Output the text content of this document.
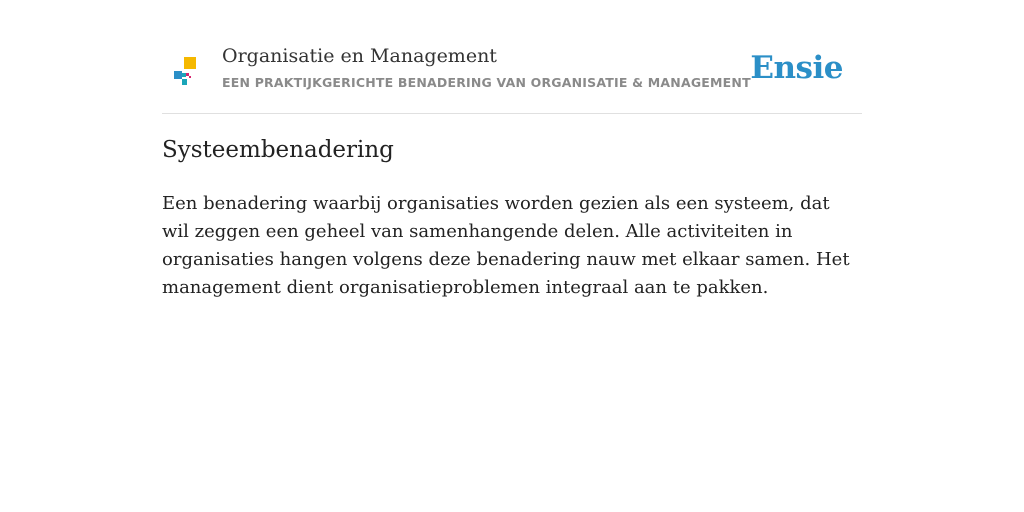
Organisatie en Management
EEN PRAKTIJKGERICHTE BENADERING VAN ORGANISATIE & MANAGEMENT Ensie
Systeembenadering

Een benadering waarbij organisaties worden gezien als een systeem, dat wil zeggen een geheel van samenhangende delen. Alle activiteiten in organisaties hangen volgens deze benadering nauw met elkaar samen. Het management dient organisatieproblemen integraal aan te pakken.
